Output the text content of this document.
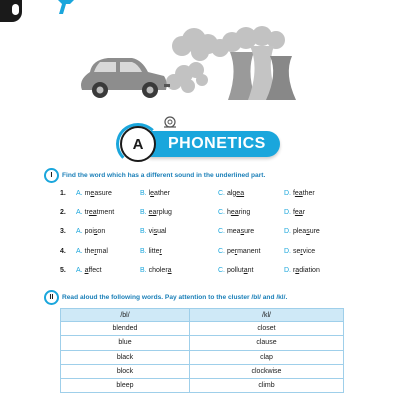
PHONETICS
A
I	Find the word which has a different sound in the underlined part.
1. A. measure	B. leather	C. algea	D. feather
2. A. treatment	B. earplug	C. hearing	D. fear
3. A. poison	B. visual	C. measure	D. pleasure
4. A. thermal	B. litter	C. permanent	D. service
5. A. affect	B. cholera	C. pollutant	D. radiation
II	Read aloud the following words. Pay attention to the cluster /bl/ and /kl/.
/bl/	/kl/
blended	closet
blue	clause
black	clap
block	clockwise
bleep	climb
